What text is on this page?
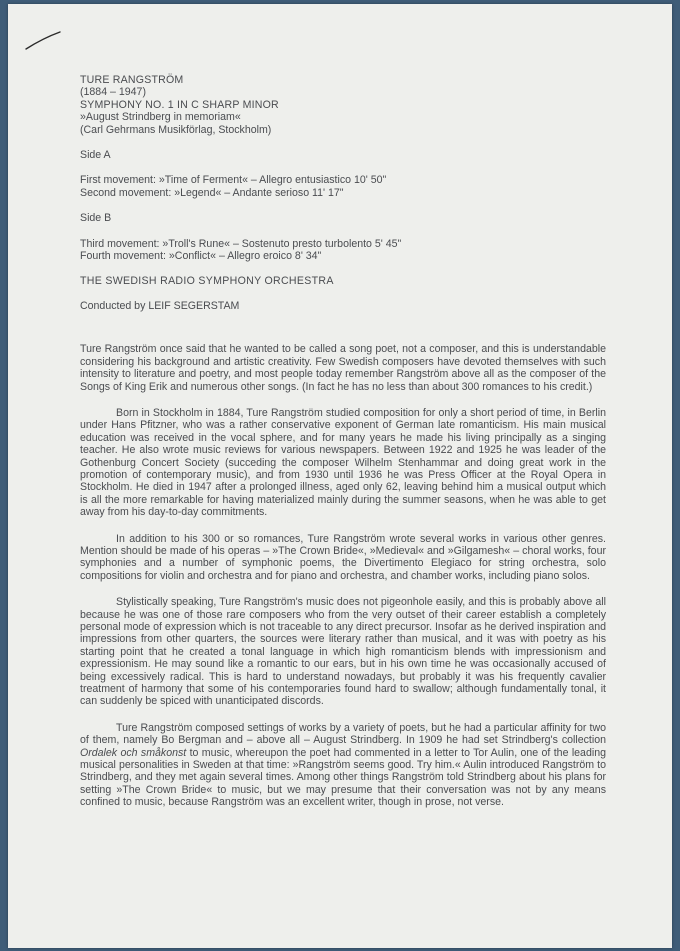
TURE RANGSTRÖM
(1884 – 1947)
SYMPHONY NO. 1 IN C SHARP MINOR
»August Strindberg in memoriam«
(Carl Gehrmans Musikförlag, Stockholm)
Side A
First movement: »Time of Ferment« – Allegro entusiastico 10' 50"
Second movement: »Legend« – Andante serioso 11' 17"
Side B
Third movement: »Troll's Rune« – Sostenuto presto turbolento 5' 45"
Fourth movement: »Conflict« – Allegro eroico 8' 34"
THE SWEDISH RADIO SYMPHONY ORCHESTRA
Conducted by LEIF SEGERSTAM

Ture Rangström once said that he wanted to be called a song poet, not a composer, and this is understandable considering his background and artistic creativity. Few Swedish composers have devoted themselves with such intensity to literature and poetry, and most people today remember Rangström above all as the composer of the Songs of King Erik and numerous other songs. (In fact he has no less than about 300 romances to his credit.)

Born in Stockholm in 1884, Ture Rangström studied composition for only a short period of time, in Berlin under Hans Pfitzner, who was a rather conservative exponent of German late romanticism. His main musical education was received in the vocal sphere, and for many years he made his living principally as a singing teacher. He also wrote music reviews for various newspapers. Between 1922 and 1925 he was leader of the Gothenburg Concert Society (succeding the composer Wilhelm Stenhammar and doing great work in the promotion of contemporary music), and from 1930 until 1936 he was Press Officer at the Royal Opera in Stockholm. He died in 1947 after a prolonged illness, aged only 62, leaving behind him a musical output which is all the more remarkable for having materialized mainly during the summer seasons, when he was able to get away from his day-to-day commitments.

In addition to his 300 or so romances, Ture Rangström wrote several works in various other genres. Mention should be made of his operas – »The Crown Bride«, »Medieval« and »Gilgamesh« – choral works, four symphonies and a number of symphonic poems, the Divertimento Elegiaco for string orchestra, solo compositions for violin and orchestra and for piano and orchestra, and chamber works, including piano solos.

Stylistically speaking, Ture Rangström's music does not pigeonhole easily, and this is probably above all because he was one of those rare composers who from the very outset of their career establish a completely personal mode of expression which is not traceable to any direct precursor. Insofar as he derived inspiration and impressions from other quarters, the sources were literary rather than musical, and it was with poetry as his starting point that he created a tonal language in which high romanticism blends with impressionism and expressionism. He may sound like a romantic to our ears, but in his own time he was occasionally accused of being excessively radical. This is hard to understand nowadays, but probably it was his frequently cavalier treatment of harmony that some of his contemporaries found hard to swallow; although fundamentally tonal, it can suddenly be spiced with unanticipated discords.

Ture Rangström composed settings of works by a variety of poets, but he had a particular affinity for two of them, namely Bo Bergman and – above all – August Strindberg. In 1909 he had set Strindberg's collection Ordalek och småkonst to music, whereupon the poet had commented in a letter to Tor Aulin, one of the leading musical personalities in Sweden at that time: »Rangström seems good. Try him.« Aulin introduced Rangström to Strindberg, and they met again several times. Among other things Rangström told Strindberg about his plans for setting »The Crown Bride« to music, but we may presume that their conversation was not by any means confined to music, because Rangström was an excellent writer, though in prose, not verse.
